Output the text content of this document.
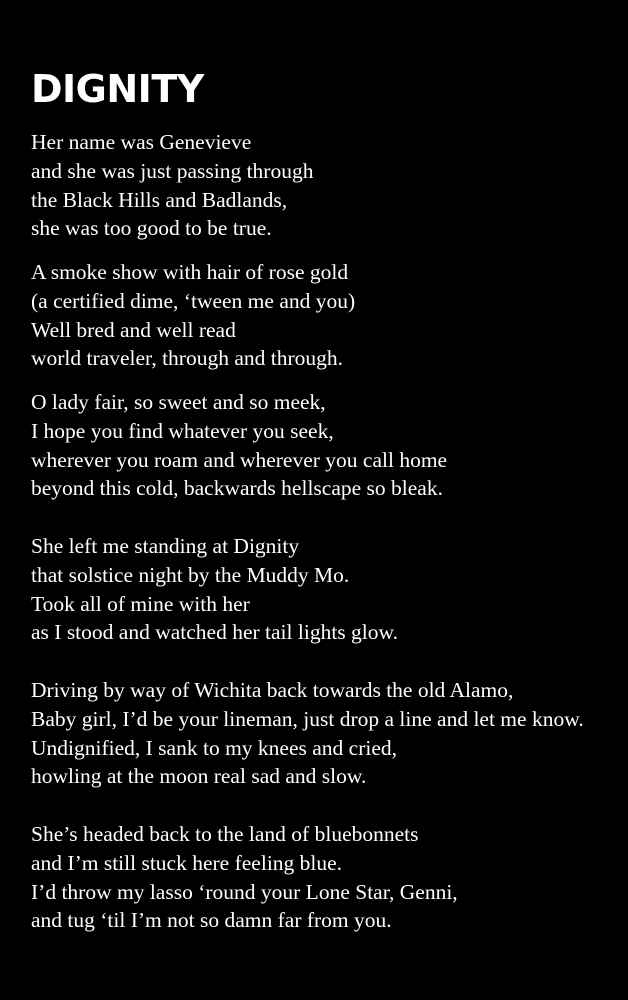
DIGNITY

Her name was Genevieve
and she was just passing through
the Black Hills and Badlands,
she was too good to be true.

A smoke show with hair of rose gold
(a certified dime, ‘tween me and you)
Well bred and well read
world traveler, through and through.

O lady fair, so sweet and so meek,
I hope you find whatever you seek,
wherever you roam and wherever you call home
beyond this cold, backwards hellscape so bleak.

She left me standing at Dignity
that solstice night by the Muddy Mo.
Took all of mine with her
as I stood and watched her tail lights glow.

Driving by way of Wichita back towards the old Alamo,
Baby girl, I’d be your lineman, just drop a line and let me know.
Undignified, I sank to my knees and cried,
howling at the moon real sad and slow.

She’s headed back to the land of bluebonnets
and I’m still stuck here feeling blue.
I’d throw my lasso ‘round your Lone Star, Genni,
and tug ‘til I’m not so damn far from you.
